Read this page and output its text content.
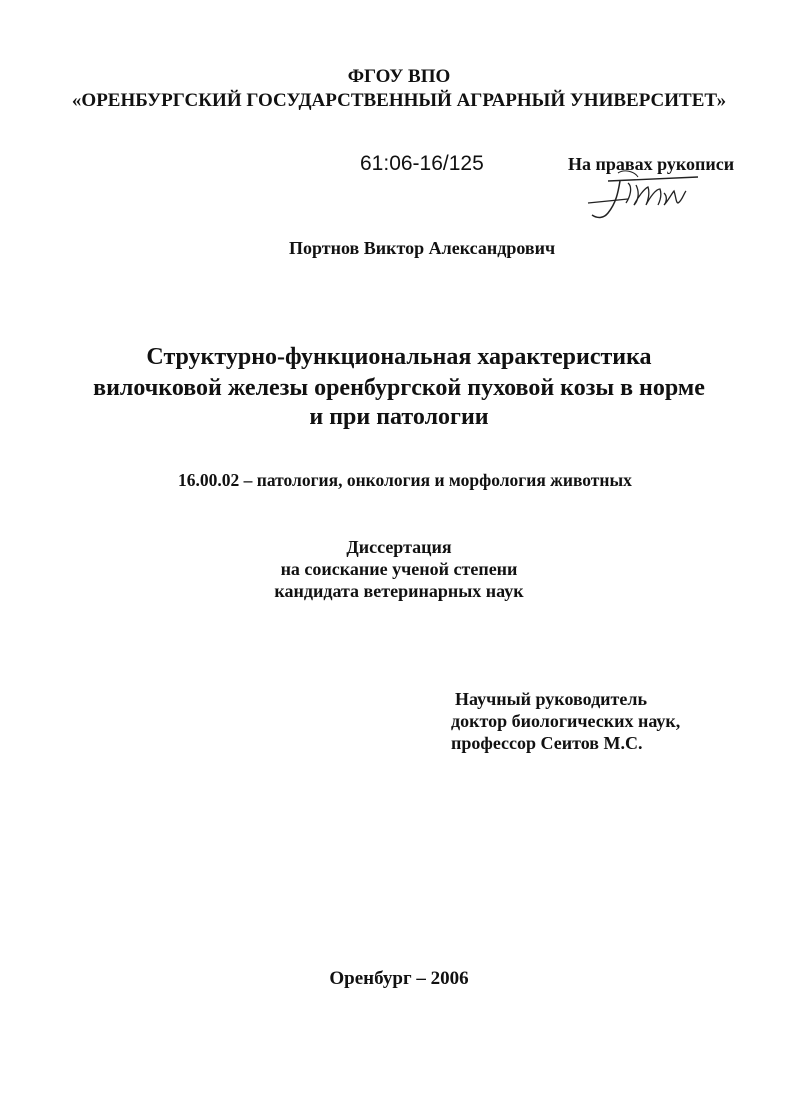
ФГОУ ВПО
«ОРЕНБУРГСКИЙ ГОСУДАРСТВЕННЫЙ АГРАРНЫЙ УНИВЕРСИТЕТ»
61:06-16/125	На правах рукописи
Портнов Виктор Александрович
Структурно-функциональная характеристика
вилочковой железы оренбургской пуховой козы в норме
и при патологии
16.00.02 – патология, онкология и морфология животных
Диссертация
на соискание ученой степени
кандидата ветеринарных наук
Научный руководитель
доктор биологических наук,
профессор Сеитов М.С.
Оренбург – 2006
